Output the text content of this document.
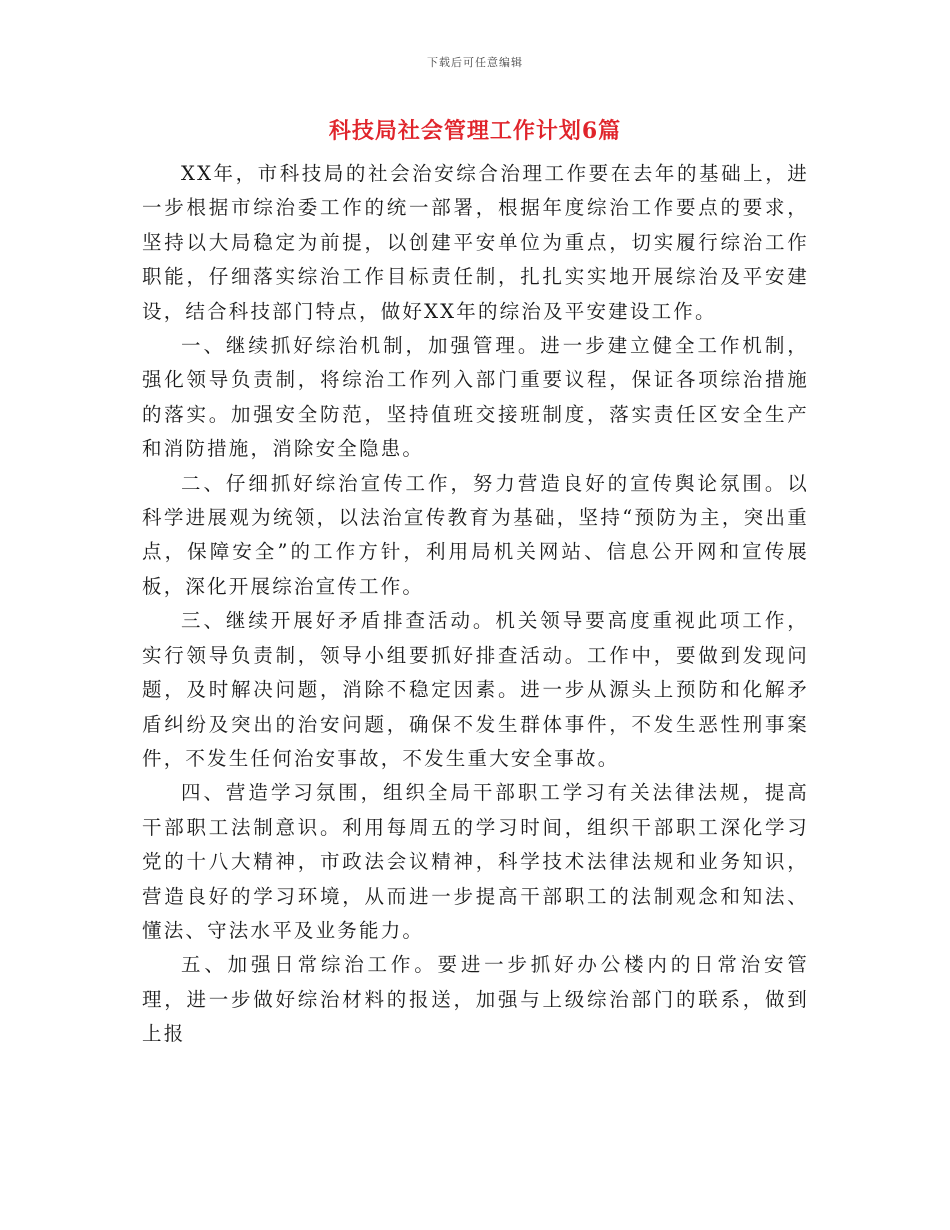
下载后可任意编辑
科技局社会管理工作计划6篇

XX年，市科技局的社会治安综合治理工作要在去年的基础上，进一步根据市综治委工作的统一部署，根据年度综治工作要点的要求，坚持以大局稳定为前提，以创建平安单位为重点，切实履行综治工作职能，仔细落实综治工作目标责任制，扎扎实实地开展综治及平安建设，结合科技部门特点，做好XX年的综治及平安建设工作。

一、继续抓好综治机制，加强管理。进一步建立健全工作机制，强化领导负责制，将综治工作列入部门重要议程，保证各项综治措施的落实。加强安全防范，坚持值班交接班制度，落实责任区安全生产和消防措施，消除安全隐患。

二、仔细抓好综治宣传工作，努力营造良好的宣传舆论氛围。以科学进展观为统领，以法治宣传教育为基础，坚持“预防为主，突出重点，保障安全”的工作方针，利用局机关网站、信息公开网和宣传展板，深化开展综治宣传工作。

三、继续开展好矛盾排查活动。机关领导要高度重视此项工作，实行领导负责制，领导小组要抓好排查活动。工作中，要做到发现问题，及时解决问题，消除不稳定因素。进一步从源头上预防和化解矛盾纠纷及突出的治安问题，确保不发生群体事件，不发生恶性刑事案件，不发生任何治安事故，不发生重大安全事故。

四、营造学习氛围，组织全局干部职工学习有关法律法规，提高干部职工法制意识。利用每周五的学习时间，组织干部职工深化学习党的十八大精神，市政法会议精神，科学技术法律法规和业务知识，营造良好的学习环境，从而进一步提高干部职工的法制观念和知法、懂法、守法水平及业务能力。

五、加强日常综治工作。要进一步抓好办公楼内的日常治安管理，进一步做好综治材料的报送，加强与上级综治部门的联系，做到上报
